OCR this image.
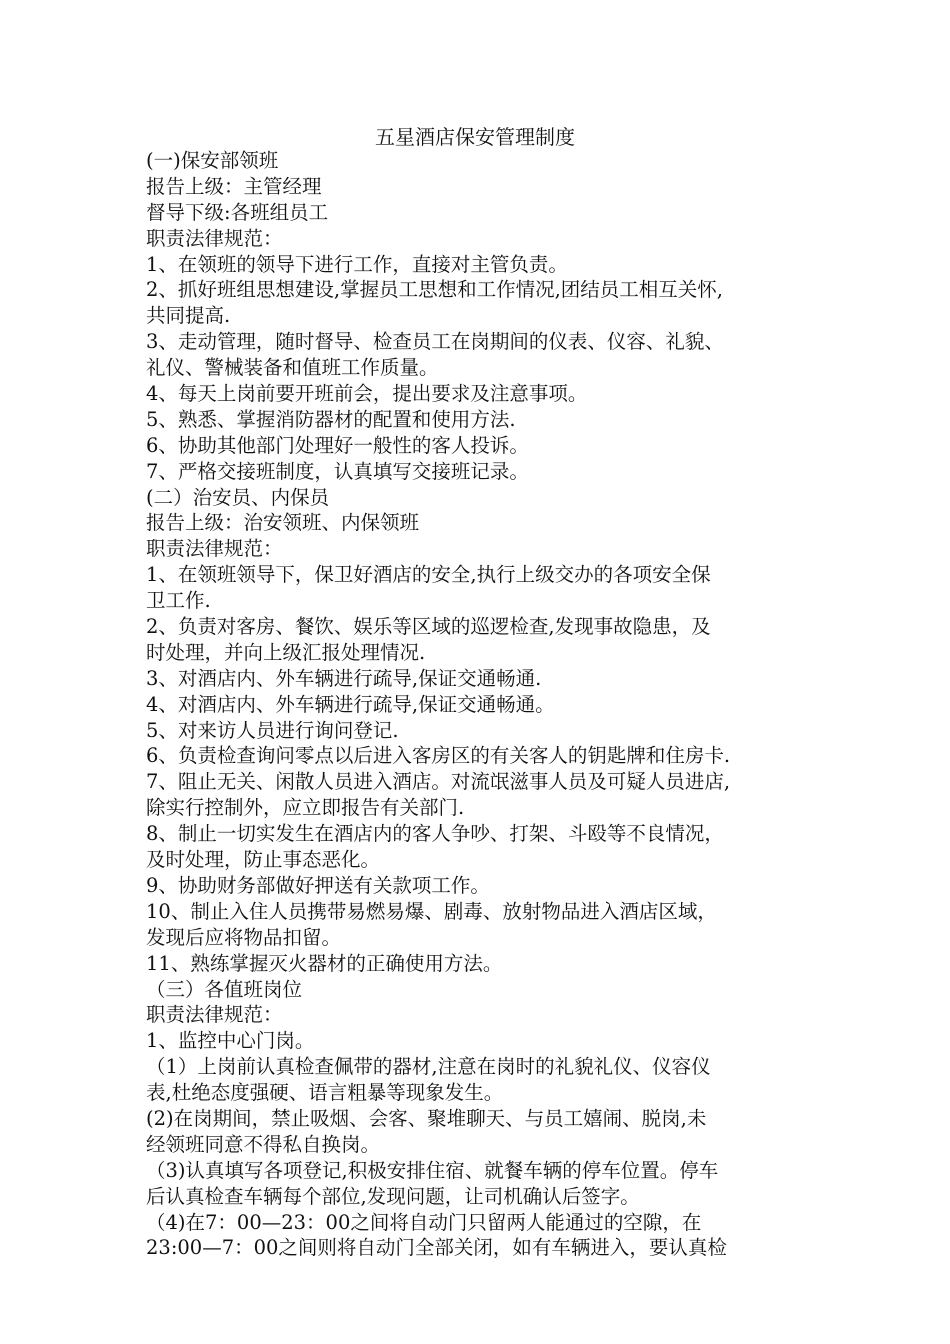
五星酒店保安管理制度
(一)保安部领班
报告上级：主管经理
督导下级:各班组员工
职责法律规范：
1、在领班的领导下进行工作，直接对主管负责。
2、抓好班组思想建设,掌握员工思想和工作情况,团结员工相互关怀,
共同提高.
3、走动管理，随时督导、检查员工在岗期间的仪表、仪容、礼貌、
礼仪、警械装备和值班工作质量。
4、每天上岗前要开班前会，提出要求及注意事项。
5、熟悉、掌握消防器材的配置和使用方法.
6、协助其他部门处理好一般性的客人投诉。
7、严格交接班制度，认真填写交接班记录。
(二）治安员、内保员
报告上级：治安领班、内保领班
职责法律规范：
1、在领班领导下，保卫好酒店的安全,执行上级交办的各项安全保
卫工作.
2、负责对客房、餐饮、娱乐等区域的巡逻检查,发现事故隐患，及
时处理，并向上级汇报处理情况.
3、对酒店内、外车辆进行疏导,保证交通畅通.
4、对酒店内、外车辆进行疏导,保证交通畅通。
5、对来访人员进行询问登记.
6、负责检查询问零点以后进入客房区的有关客人的钥匙牌和住房卡.
7、阻止无关、闲散人员进入酒店。对流氓滋事人员及可疑人员进店,
除实行控制外，应立即报告有关部门.
8、制止一切实发生在酒店内的客人争吵、打架、斗殴等不良情况，
及时处理，防止事态恶化。
9、协助财务部做好押送有关款项工作。
10、制止入住人员携带易燃易爆、剧毒、放射物品进入酒店区域，
发现后应将物品扣留。
11、熟练掌握灭火器材的正确使用方法。
（三）各值班岗位
职责法律规范：
1、监控中心门岗。
（1）上岗前认真检查佩带的器材,注意在岗时的礼貌礼仪、仪容仪
表,杜绝态度强硬、语言粗暴等现象发生。
(2)在岗期间，禁止吸烟、会客、聚堆聊天、与员工嬉闹、脱岗,未
经领班同意不得私自换岗。
（3)认真填写各项登记,积极安排住宿、就餐车辆的停车位置。停车
后认真检查车辆每个部位,发现问题，让司机确认后签字。
（4)在7：00—23：00之间将自动门只留两人能通过的空隙，在
23:00—7：00之间则将自动门全部关闭，如有车辆进入，要认真检
